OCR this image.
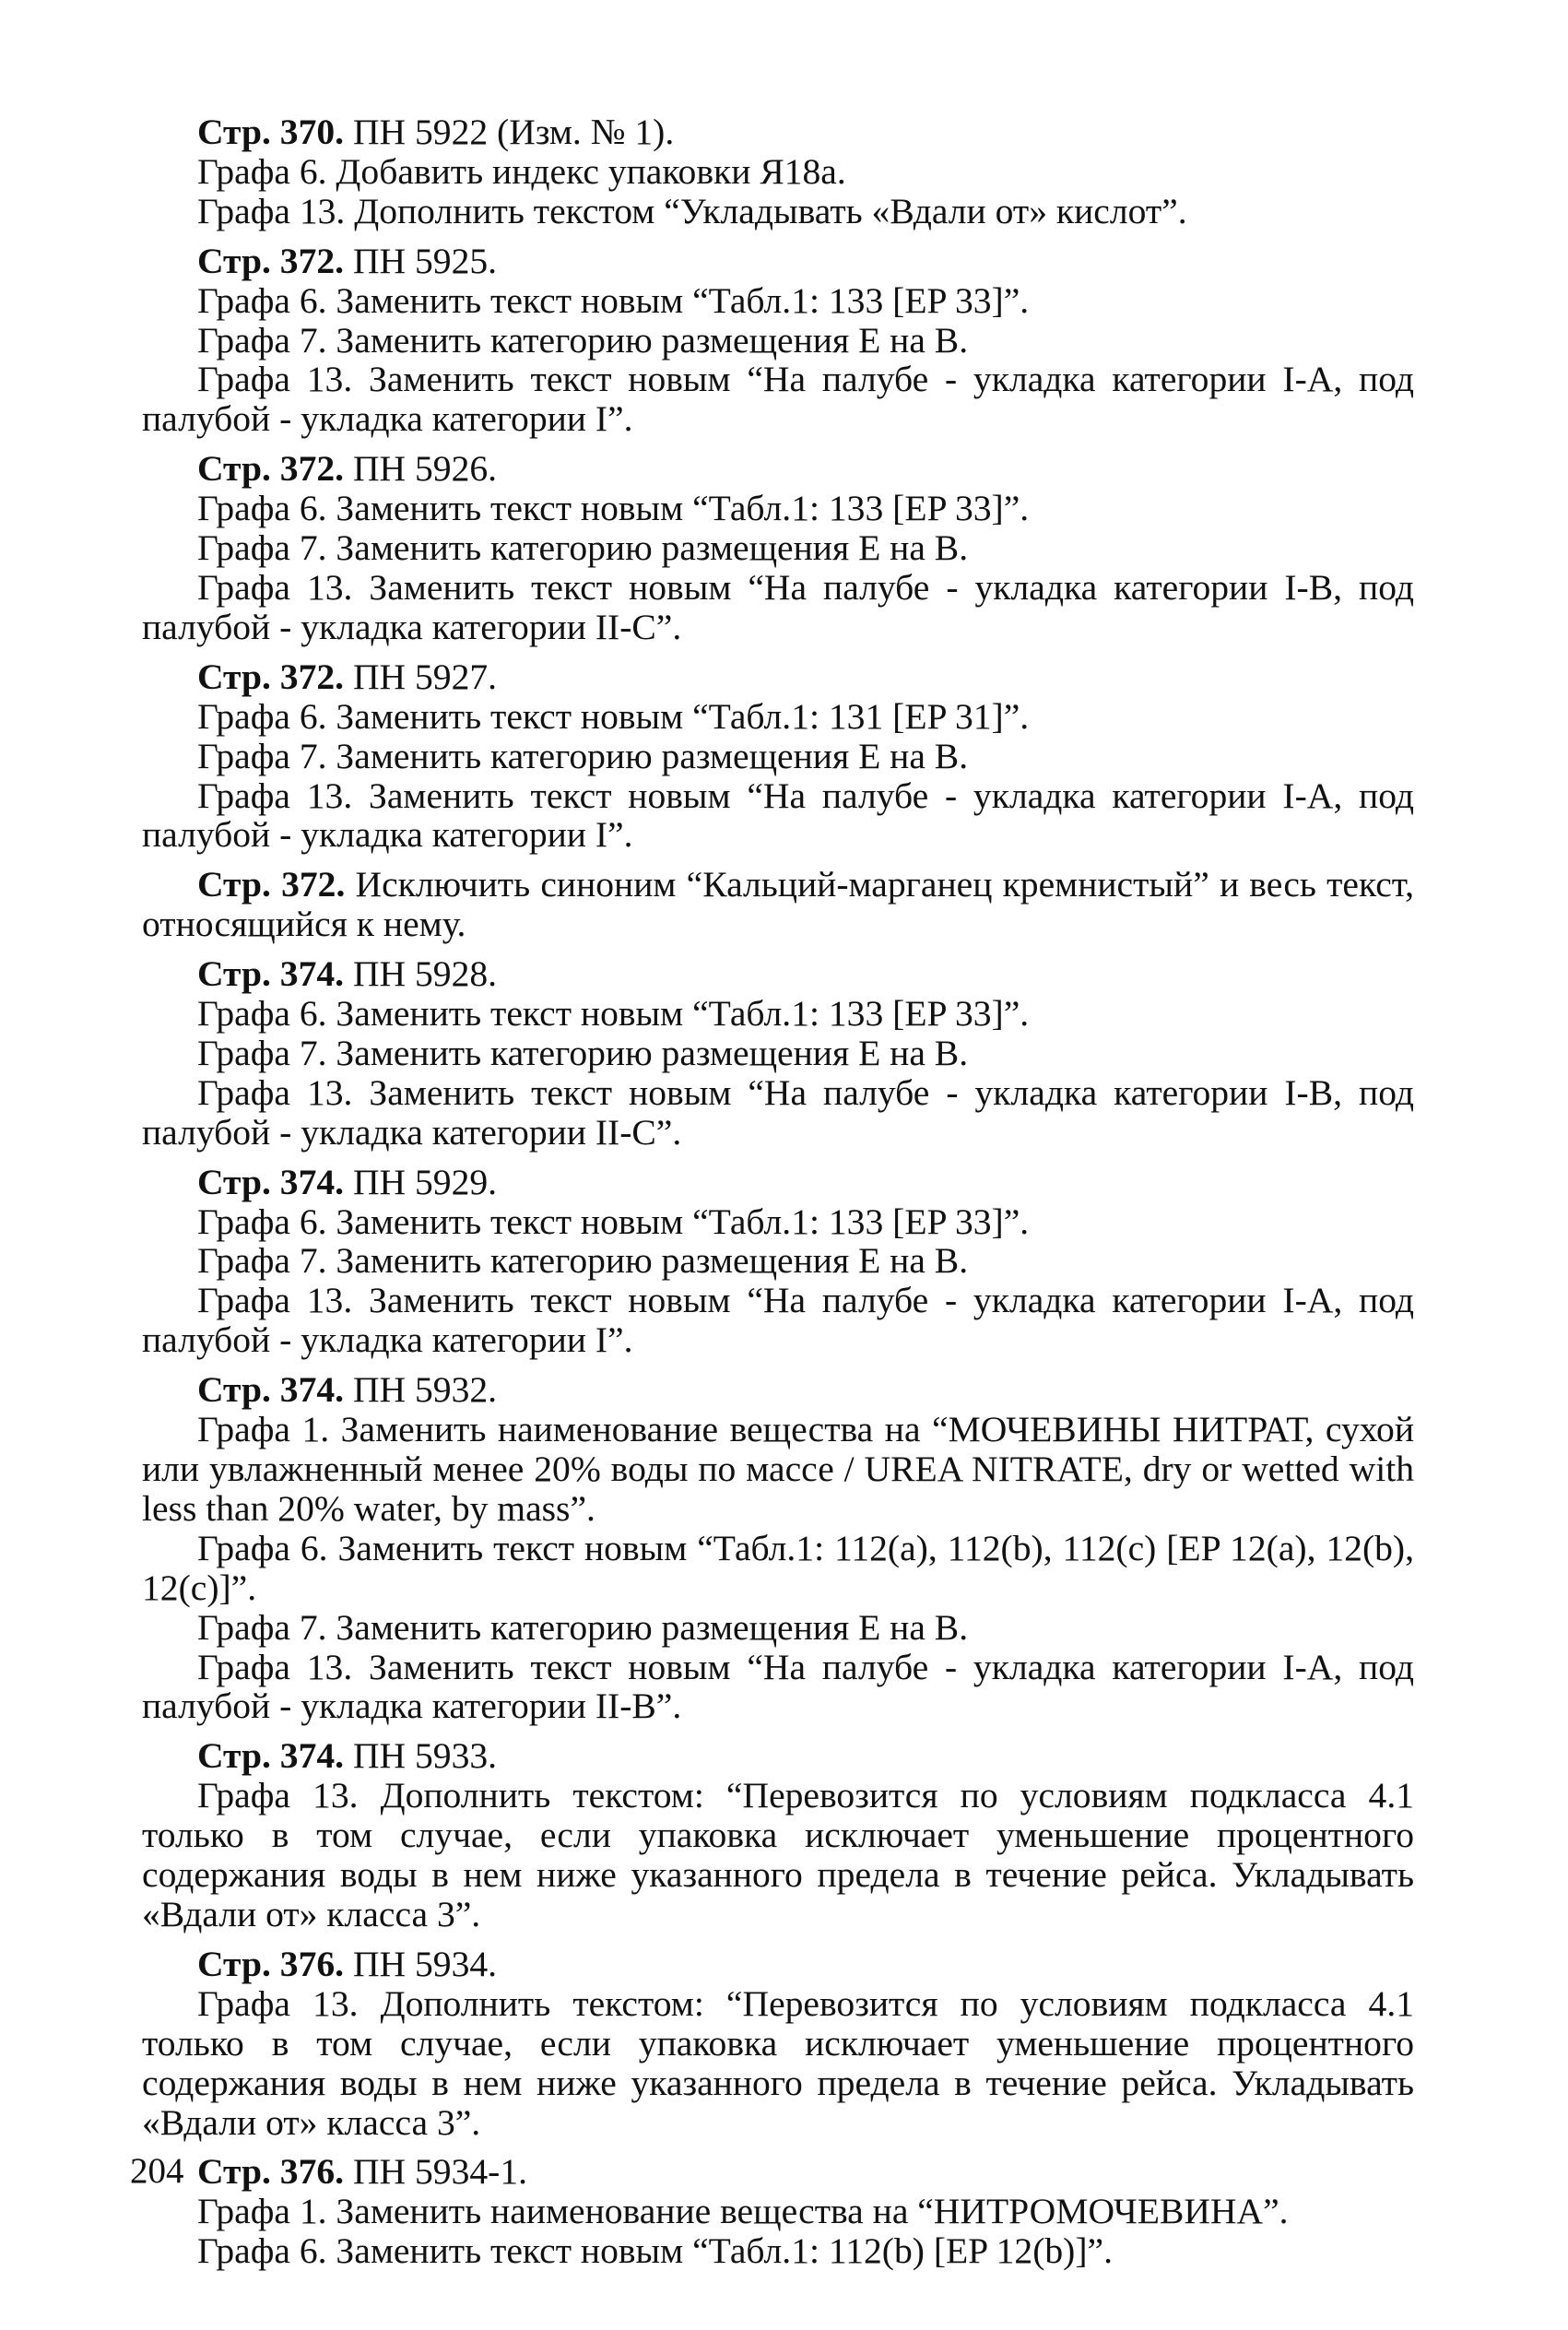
Стр. 370. ПН 5922 (Изм. № 1).
Графа 6. Добавить индекс упаковки Я18а.
Графа 13. Дополнить текстом “Укладывать «Вдали от» кислот”.
Стр. 372. ПН 5925.
Графа 6. Заменить текст новым “Табл.1: 133 [EP 33]”.
Графа 7. Заменить категорию размещения E на B.
Графа 13. Заменить текст новым “На палубе - укладка категории I-A, под палубой - укладка категории I”.
Стр. 372. ПН 5926.
Графа 6. Заменить текст новым “Табл.1: 133 [EP 33]”.
Графа 7. Заменить категорию размещения E на B.
Графа 13. Заменить текст новым “На палубе - укладка категории I-B, под палубой - укладка категории II-C”.
Стр. 372. ПН 5927.
Графа 6. Заменить текст новым “Табл.1: 131 [EP 31]”.
Графа 7. Заменить категорию размещения E на B.
Графа 13. Заменить текст новым “На палубе - укладка категории I-A, под палубой - укладка категории I”.
Стр. 372. Исключить синоним “Кальций-марганец кремнистый” и весь текст, относящийся к нему.
Стр. 374. ПН 5928.
Графа 6. Заменить текст новым “Табл.1: 133 [EP 33]”.
Графа 7. Заменить категорию размещения E на B.
Графа 13. Заменить текст новым “На палубе - укладка категории I-B, под палубой - укладка категории II-C”.
Стр. 374. ПН 5929.
Графа 6. Заменить текст новым “Табл.1: 133 [EP 33]”.
Графа 7. Заменить категорию размещения E на B.
Графа 13. Заменить текст новым “На палубе - укладка категории I-A, под палубой - укладка категории I”.
Стр. 374. ПН 5932.
Графа 1. Заменить наименование вещества на “МОЧЕВИНЫ НИТРАТ, сухой или увлажненный менее 20% воды по массе / UREA NITRATE, dry or wetted with less than 20% water, by mass”.
Графа 6. Заменить текст новым “Табл.1: 112(a), 112(b), 112(c) [EP 12(a), 12(b), 12(c)]”.
Графа 7. Заменить категорию размещения E на B.
Графа 13. Заменить текст новым “На палубе - укладка категории I-A, под палубой - укладка категории II-B”.
Стр. 374. ПН 5933.
Графа 13. Дополнить текстом: “Перевозится по условиям подкласса 4.1 только в том случае, если упаковка исключает уменьшение процентного содержания воды в нем ниже указанного предела в течение рейса. Укладывать «Вдали от» класса 3”.
Стр. 376. ПН 5934.
Графа 13. Дополнить текстом: “Перевозится по условиям подкласса 4.1 только в том случае, если упаковка исключает уменьшение процентного содержания воды в нем ниже указанного предела в течение рейса. Укладывать «Вдали от» класса 3”.
Стр. 376. ПН 5934-1.
Графа 1. Заменить наименование вещества на “НИТРОМОЧЕВИНА”.
Графа 6. Заменить текст новым “Табл.1: 112(b) [EP 12(b)]”.
204
